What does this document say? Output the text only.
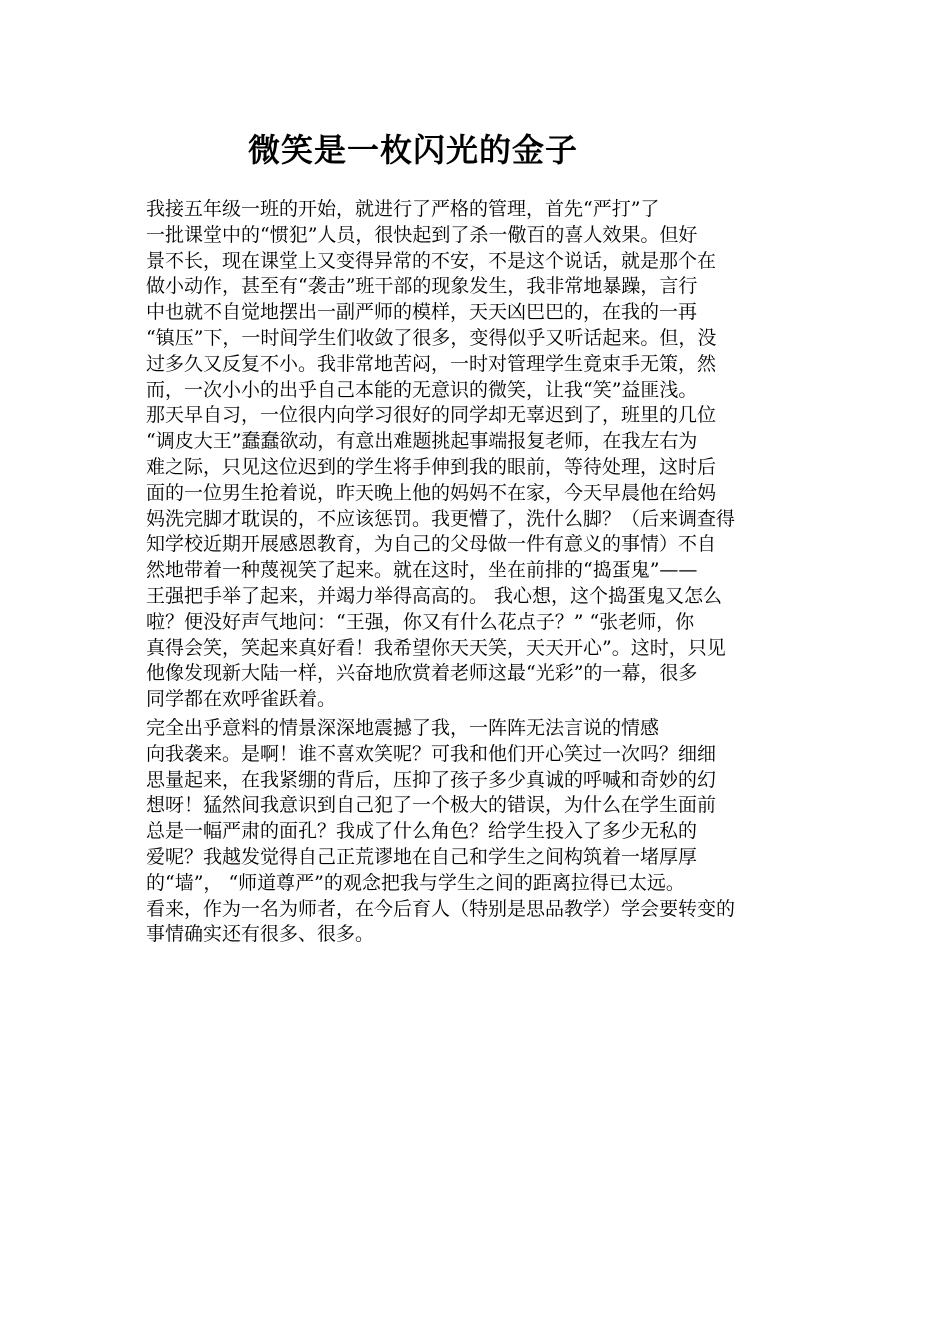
微笑是一枚闪光的金子
我接五年级一班的开始，就进行了严格的管理，首先“严打”了
一批课堂中的“惯犯”人员，很快起到了杀一儆百的喜人效果。但好
景不长，现在课堂上又变得异常的不安，不是这个说话，就是那个在
做小动作，甚至有“袭击”班干部的现象发生，我非常地暴躁，言行
中也就不自觉地摆出一副严师的模样，天天凶巴巴的，在我的一再
“镇压”下，一时间学生们收敛了很多，变得似乎又听话起来。但，没
过多久又反复不小。我非常地苦闷，一时对管理学生竟束手无策，然
而，一次小小的出乎自己本能的无意识的微笑，让我“笑”益匪浅。
那天早自习，一位很内向学习很好的同学却无辜迟到了，班里的几位
“调皮大王”蠢蠢欲动，有意出难题挑起事端报复老师，在我左右为
难之际，只见这位迟到的学生将手伸到我的眼前，等待处理，这时后
面的一位男生抢着说，昨天晚上他的妈妈不在家，今天早晨他在给妈
妈洗完脚才耽误的，不应该惩罚。我更懵了，洗什么脚？（后来调查得
知学校近期开展感恩教育，为自己的父母做一件有意义的事情）不自
然地带着一种蔑视笑了起来。就在这时，坐在前排的“捣蛋鬼”——
王强把手举了起来，并竭力举得高高的。 我心想，这个捣蛋鬼又怎么
啦？便没好声气地问：“王强，你又有什么花点子？” “张老师，你
真得会笑，笑起来真好看！我希望你天天笑，天天开心”。这时，只见
他像发现新大陆一样，兴奋地欣赏着老师这最“光彩”的一幕，很多
同学都在欢呼雀跃着。
完全出乎意料的情景深深地震撼了我，一阵阵无法言说的情感
向我袭来。是啊！谁不喜欢笑呢？可我和他们开心笑过一次吗？细细
思量起来，在我紧绷的背后，压抑了孩子多少真诚的呼喊和奇妙的幻
想呀！猛然间我意识到自己犯了一个极大的错误，为什么在学生面前
总是一幅严肃的面孔？我成了什么角色？给学生投入了多少无私的
爱呢？我越发觉得自己正荒谬地在自己和学生之间构筑着一堵厚厚
的“墙”， “师道尊严”的观念把我与学生之间的距离拉得已太远。
看来，作为一名为师者，在今后育人（特别是思品教学）学会要转变的
事情确实还有很多、很多。
